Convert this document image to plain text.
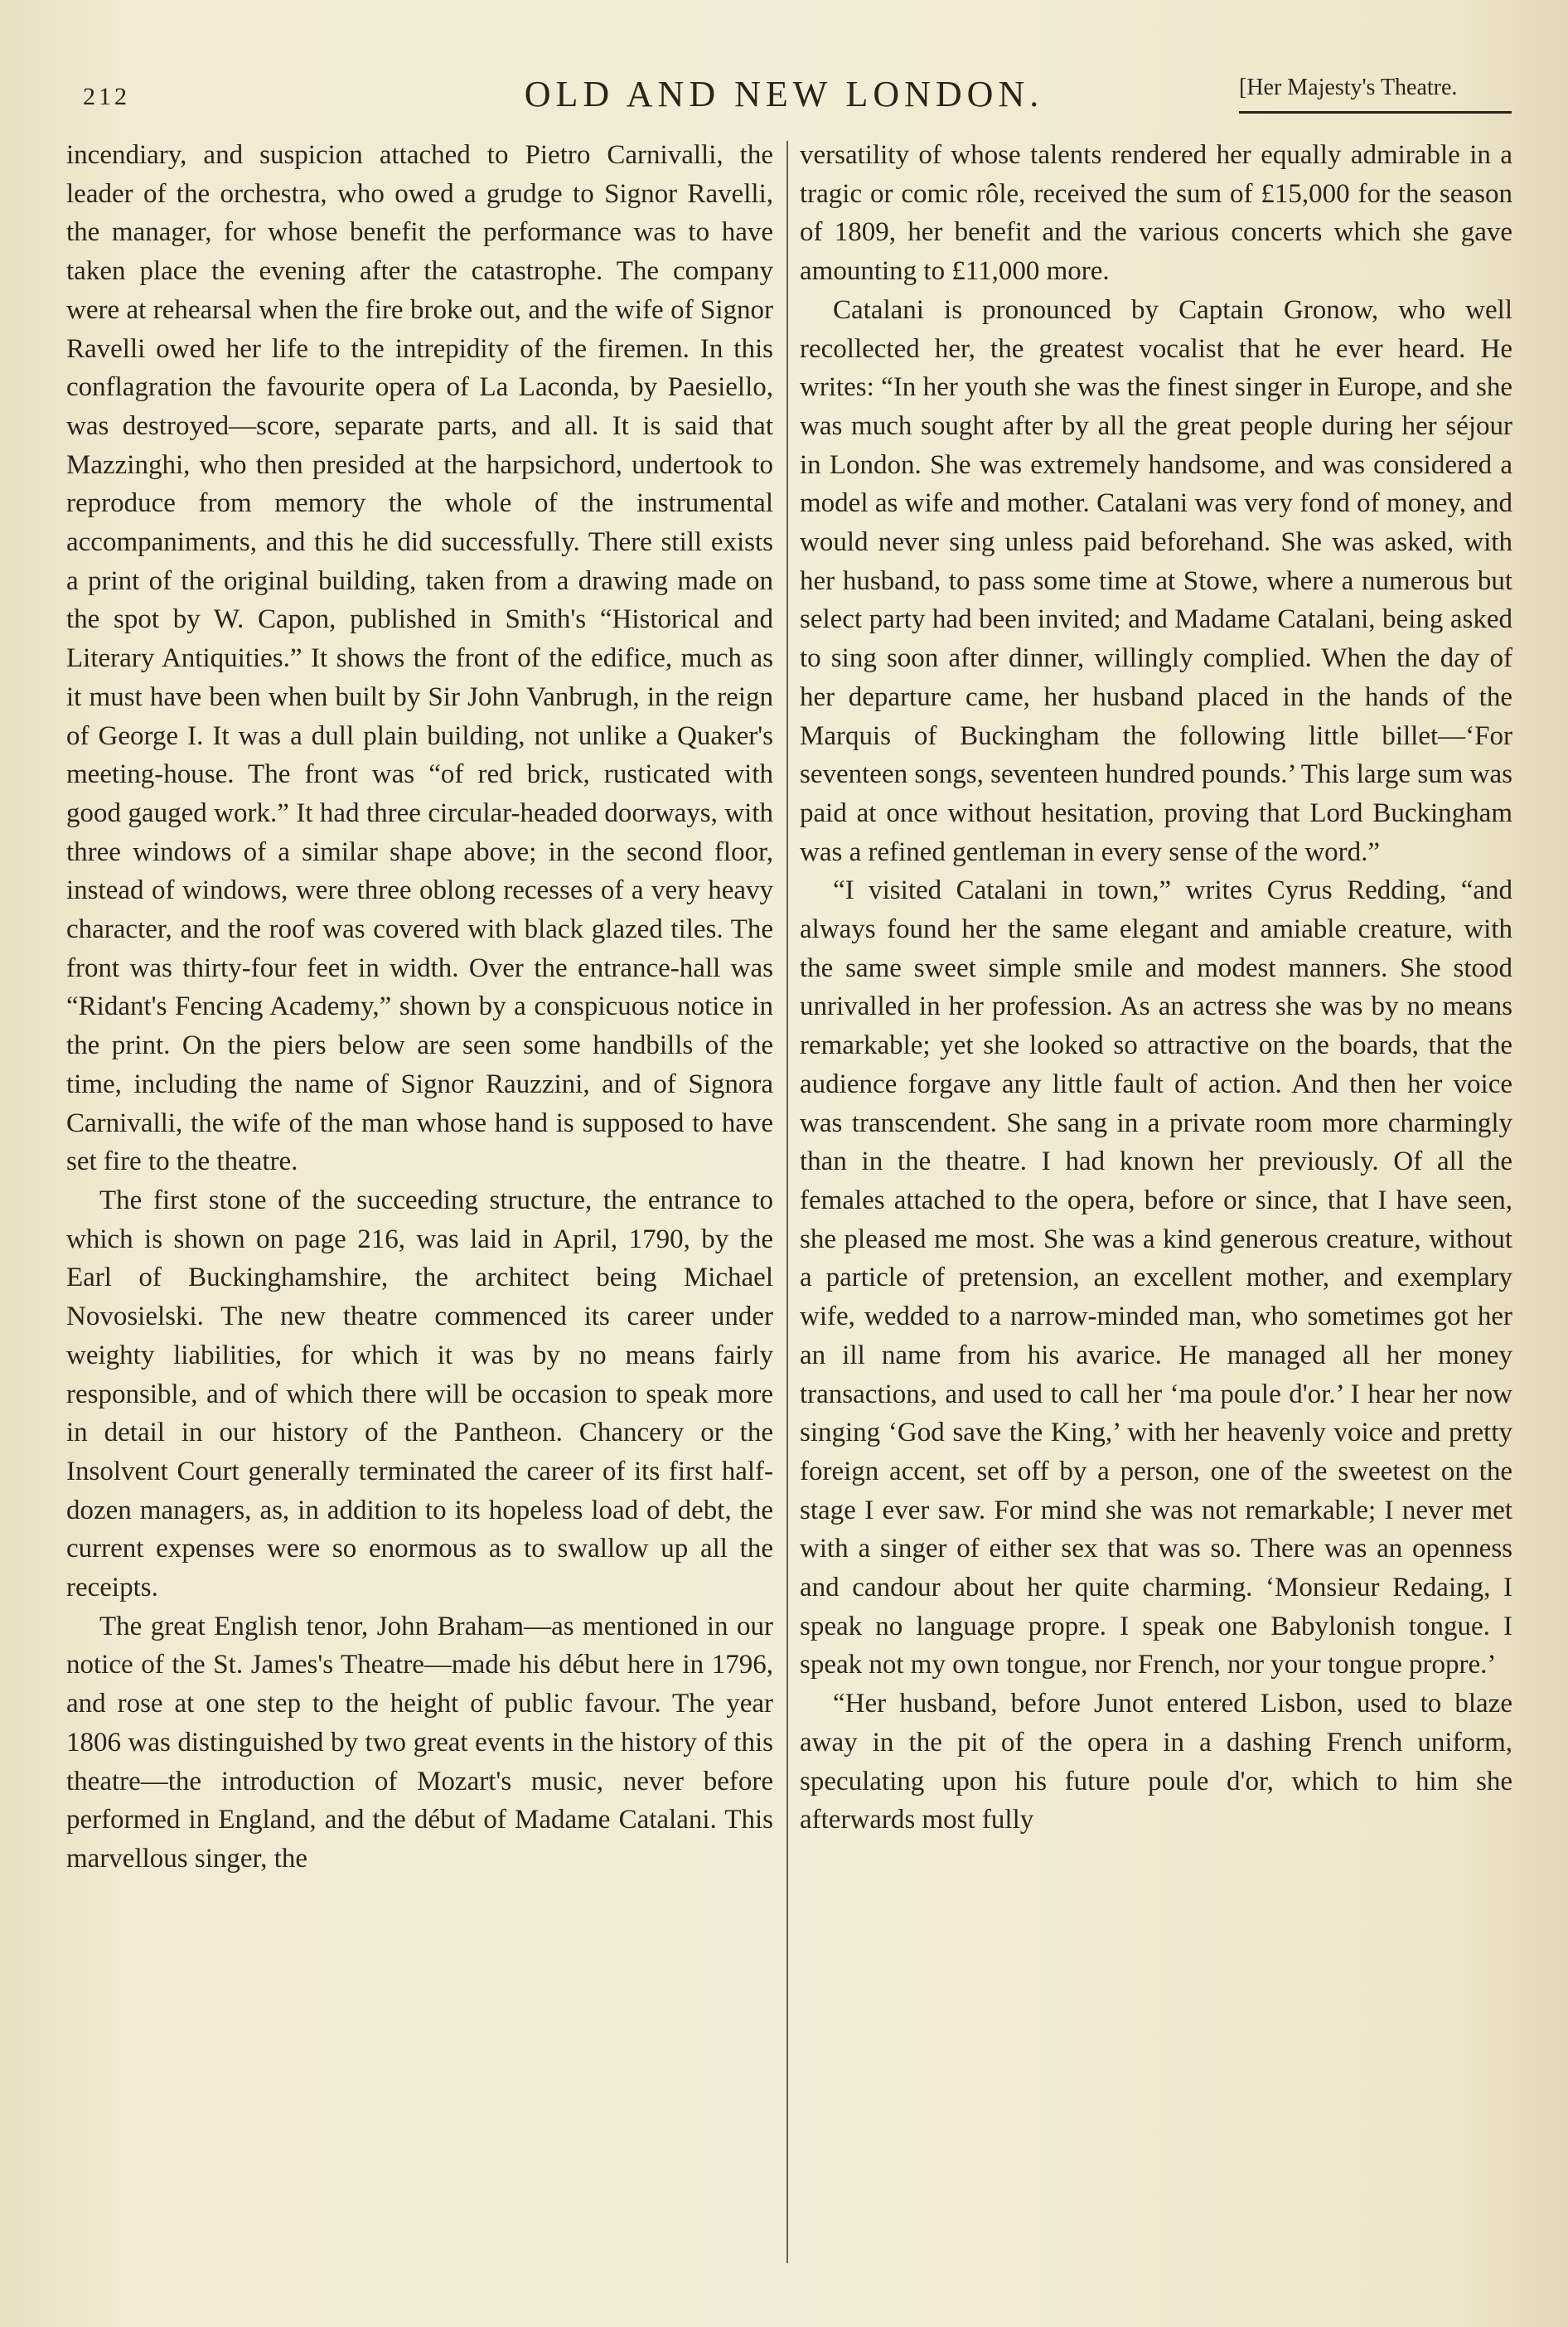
212	OLD AND NEW LONDON.	[Her Majesty's Theatre.

incendiary, and suspicion attached to Pietro Carnivalli, the leader of the orchestra, who owed a grudge to Signor Ravelli, the manager, for whose benefit the performance was to have taken place the evening after the catastrophe. The company were at rehearsal when the fire broke out, and the wife of Signor Ravelli owed her life to the intrepidity of the firemen. In this conflagration the favourite opera of La Laconda, by Paesiello, was destroyed—score, separate parts, and all. It is said that Mazzinghi, who then presided at the harpsichord, undertook to reproduce from memory the whole of the instrumental accompaniments, and this he did successfully. There still exists a print of the original building, taken from a drawing made on the spot by W. Capon, published in Smith's “Historical and Literary Antiquities.” It shows the front of the edifice, much as it must have been when built by Sir John Vanbrugh, in the reign of George I. It was a dull plain building, not unlike a Quaker's meeting-house. The front was “of red brick, rusticated with good gauged work.” It had three circular-headed doorways, with three windows of a similar shape above; in the second floor, instead of windows, were three oblong recesses of a very heavy character, and the roof was covered with black glazed tiles. The front was thirty-four feet in width. Over the entrance-hall was “Ridant's Fencing Academy,” shown by a conspicuous notice in the print. On the piers below are seen some handbills of the time, including the name of Signor Rauzzini, and of Signora Carnivalli, the wife of the man whose hand is supposed to have set fire to the theatre.

The first stone of the succeeding structure, the entrance to which is shown on page 216, was laid in April, 1790, by the Earl of Buckinghamshire, the architect being Michael Novosielski. The new theatre commenced its career under weighty liabilities, for which it was by no means fairly responsible, and of which there will be occasion to speak more in detail in our history of the Pantheon. Chancery or the Insolvent Court generally terminated the career of its first half-dozen managers, as, in addition to its hopeless load of debt, the current expenses were so enormous as to swallow up all the receipts.

The great English tenor, John Braham—as mentioned in our notice of the St. James's Theatre—made his début here in 1796, and rose at one step to the height of public favour. The year 1806 was distinguished by two great events in the history of this theatre—the introduction of Mozart's music, never before performed in England, and the début of Madame Catalani. This marvellous singer, the

versatility of whose talents rendered her equally admirable in a tragic or comic rôle, received the sum of £15,000 for the season of 1809, her benefit and the various concerts which she gave amounting to £11,000 more.

Catalani is pronounced by Captain Gronow, who well recollected her, the greatest vocalist that he ever heard. He writes: “In her youth she was the finest singer in Europe, and she was much sought after by all the great people during her séjour in London. She was extremely handsome, and was considered a model as wife and mother. Catalani was very fond of money, and would never sing unless paid beforehand. She was asked, with her husband, to pass some time at Stowe, where a numerous but select party had been invited; and Madame Catalani, being asked to sing soon after dinner, willingly complied. When the day of her departure came, her husband placed in the hands of the Marquis of Buckingham the following little billet—‘For seventeen songs, seventeen hundred pounds.’ This large sum was paid at once without hesitation, proving that Lord Buckingham was a refined gentleman in every sense of the word.”

“I visited Catalani in town,” writes Cyrus Redding, “and always found her the same elegant and amiable creature, with the same sweet simple smile and modest manners. She stood unrivalled in her profession. As an actress she was by no means remarkable; yet she looked so attractive on the boards, that the audience forgave any little fault of action. And then her voice was transcendent. She sang in a private room more charmingly than in the theatre. I had known her previously. Of all the females attached to the opera, before or since, that I have seen, she pleased me most. She was a kind generous creature, without a particle of pretension, an excellent mother, and exemplary wife, wedded to a narrow-minded man, who sometimes got her an ill name from his avarice. He managed all her money transactions, and used to call her ‘ma poule d'or.’ I hear her now singing ‘God save the King,’ with her heavenly voice and pretty foreign accent, set off by a person, one of the sweetest on the stage I ever saw. For mind she was not remarkable; I never met with a singer of either sex that was so. There was an openness and candour about her quite charming. ‘Monsieur Redaing, I speak no language propre. I speak one Babylonish tongue. I speak not my own tongue, nor French, nor your tongue propre.’

“Her husband, before Junot entered Lisbon, used to blaze away in the pit of the opera in a dashing French uniform, speculating upon his future poule d'or, which to him she afterwards most fully
